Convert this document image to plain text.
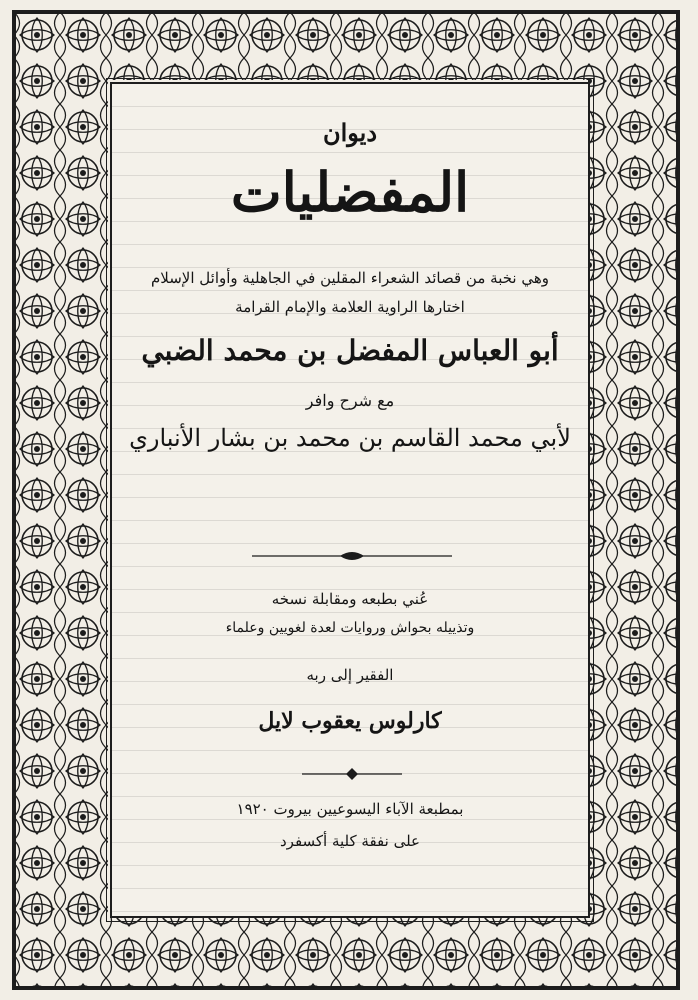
ديوان
المفضليات
وهي نخبة من قصائد الشعراء المقلين في الجاهلية وأوائل الإسلام
اختارها الراوية العلامة والإمام القرامة
أبو العباس المفضل بن محمد الضبي
مع شرح وافر
لأبي محمد القاسم بن محمد بن بشار الأنباري
عُني بطبعه ومقابلة نسخه
وتذييله بحواش وروايات لعدة لغويين وعلماء
الفقير إلى ربه
كارلوس يعقوب لايل
بمطبعة الآباء اليسوعيين بيروت ١٩٢٠
على نفقة كلية أكسفرد
